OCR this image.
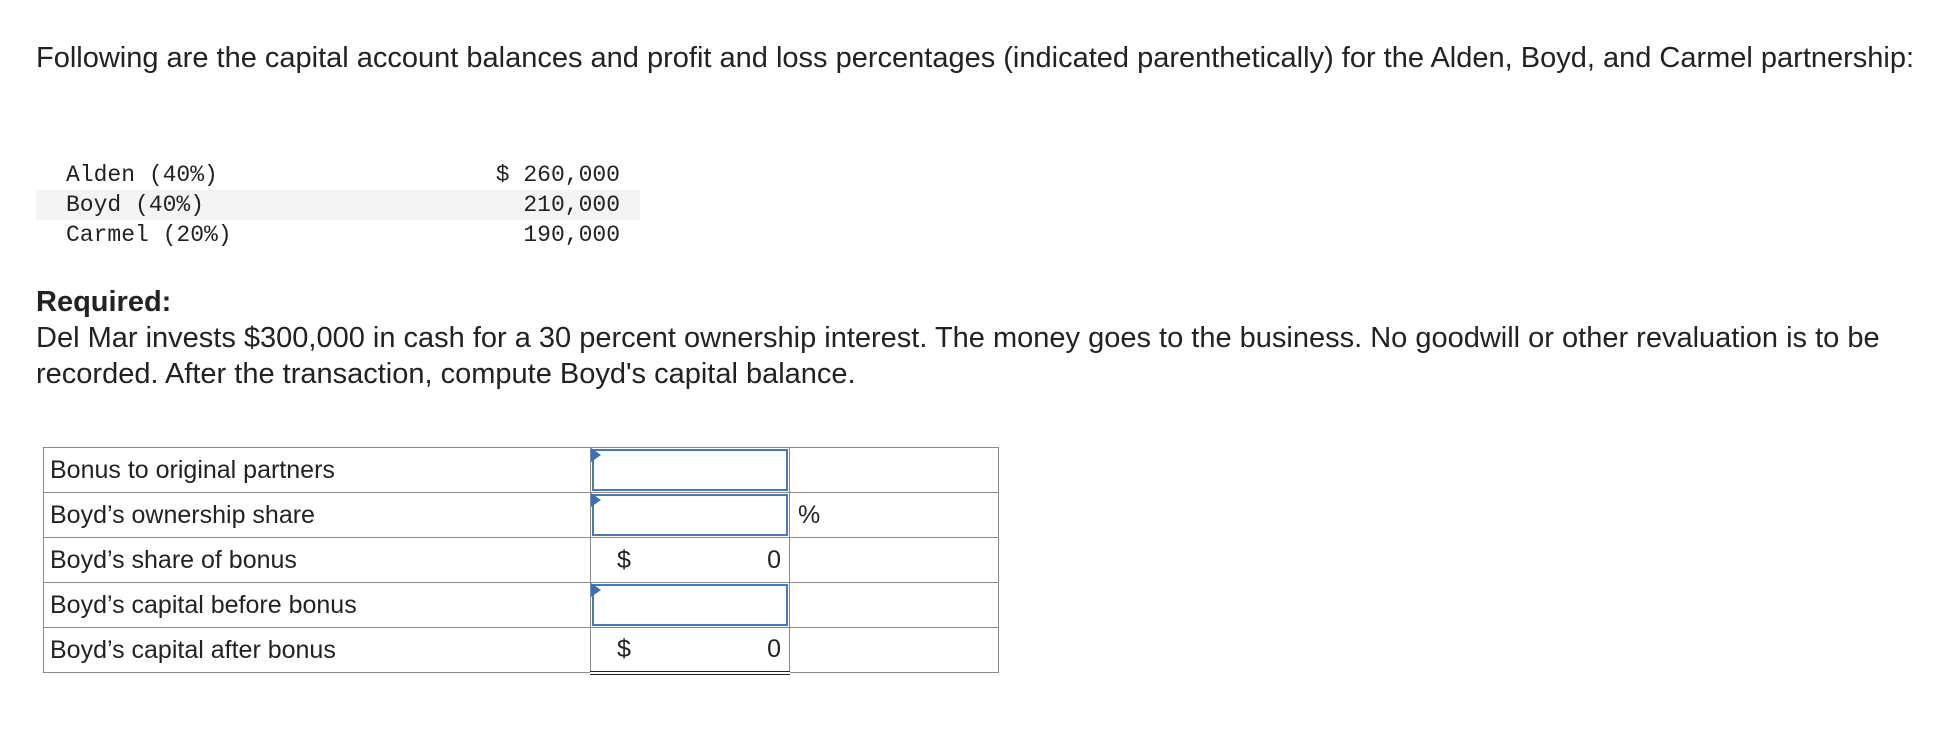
Following are the capital account balances and profit and loss percentages (indicated parenthetically) for the Alden, Boyd, and Carmel partnership:

Alden (40%)	$ 260,000
Boyd (40%)	210,000
Carmel (20%)	190,000

Required:

Del Mar invests $300,000 in cash for a 30 percent ownership interest. The money goes to the business. No goodwill or other revaluation is to be recorded. After the transaction, compute Boyd's capital balance.

Bonus to original partners	

Boyd’s ownership share		%
Boyd’s share of bonus	$ 0	

Boyd’s capital before bonus	

Boyd’s capital after bonus	$ 0	
